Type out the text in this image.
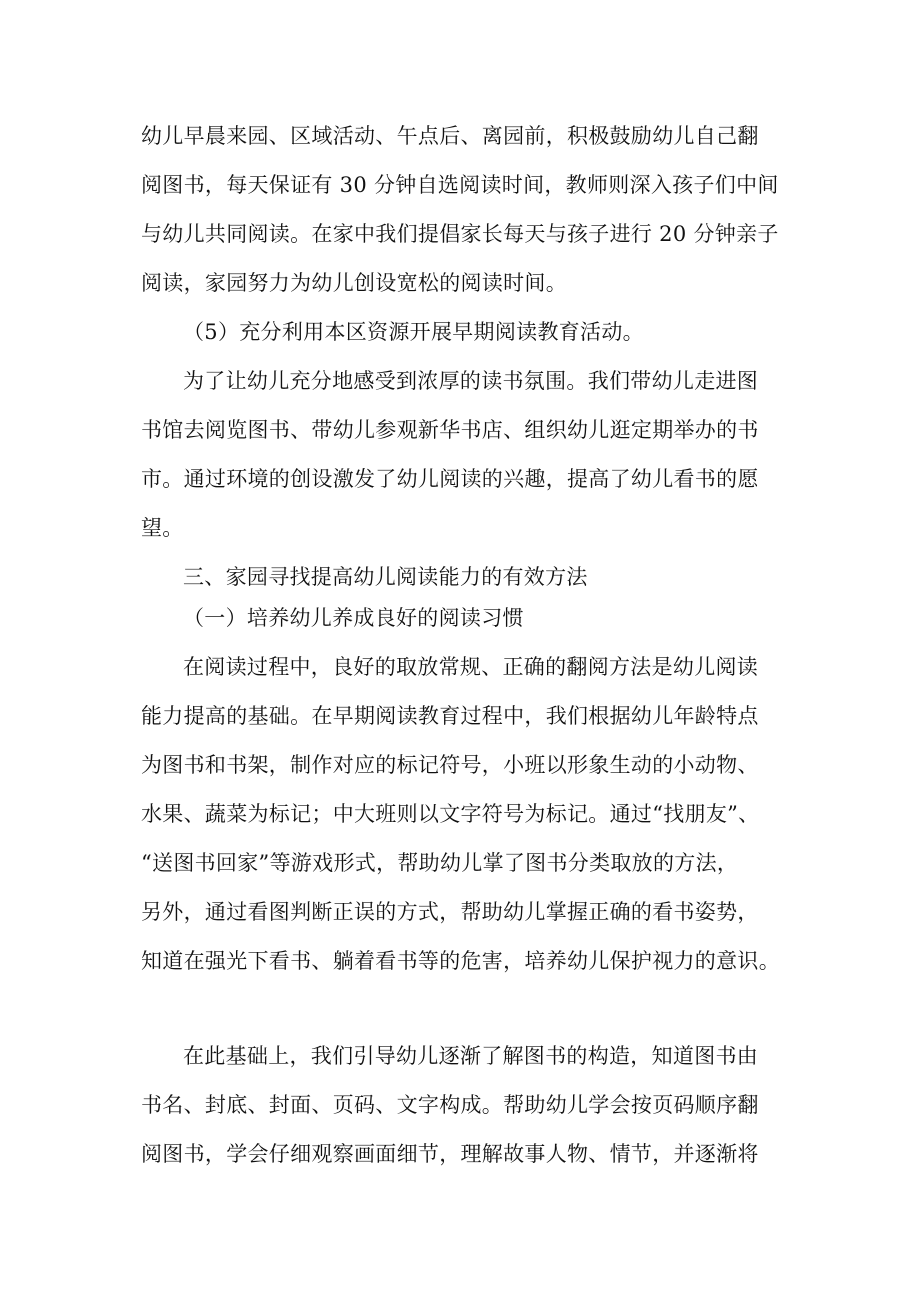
幼儿早晨来园、区域活动、午点后、离园前，积极鼓励幼儿自己翻
阅图书，每天保证有 30 分钟自选阅读时间，教师则深入孩子们中间
与幼儿共同阅读。在家中我们提倡家长每天与孩子进行 20 分钟亲子
阅读，家园努力为幼儿创设宽松的阅读时间。
（5）充分利用本区资源开展早期阅读教育活动。
为了让幼儿充分地感受到浓厚的读书氛围。我们带幼儿走进图
书馆去阅览图书、带幼儿参观新华书店、组织幼儿逛定期举办的书
市。通过环境的创设激发了幼儿阅读的兴趣，提高了幼儿看书的愿
望。
三、家园寻找提高幼儿阅读能力的有效方法
（一）培养幼儿养成良好的阅读习惯
在阅读过程中，良好的取放常规、正确的翻阅方法是幼儿阅读
能力提高的基础。在早期阅读教育过程中，我们根据幼儿年龄特点
为图书和书架，制作对应的标记符号，小班以形象生动的小动物、
水果、蔬菜为标记；中大班则以文字符号为标记。通过“找朋友”、
“送图书回家”等游戏形式，帮助幼儿掌了图书分类取放的方法，
另外，通过看图判断正误的方式，帮助幼儿掌握正确的看书姿势，
知道在强光下看书、躺着看书等的危害，培养幼儿保护视力的意识。
在此基础上，我们引导幼儿逐渐了解图书的构造，知道图书由
书名、封底、封面、页码、文字构成。帮助幼儿学会按页码顺序翻
阅图书，学会仔细观察画面细节，理解故事人物、情节，并逐渐将
